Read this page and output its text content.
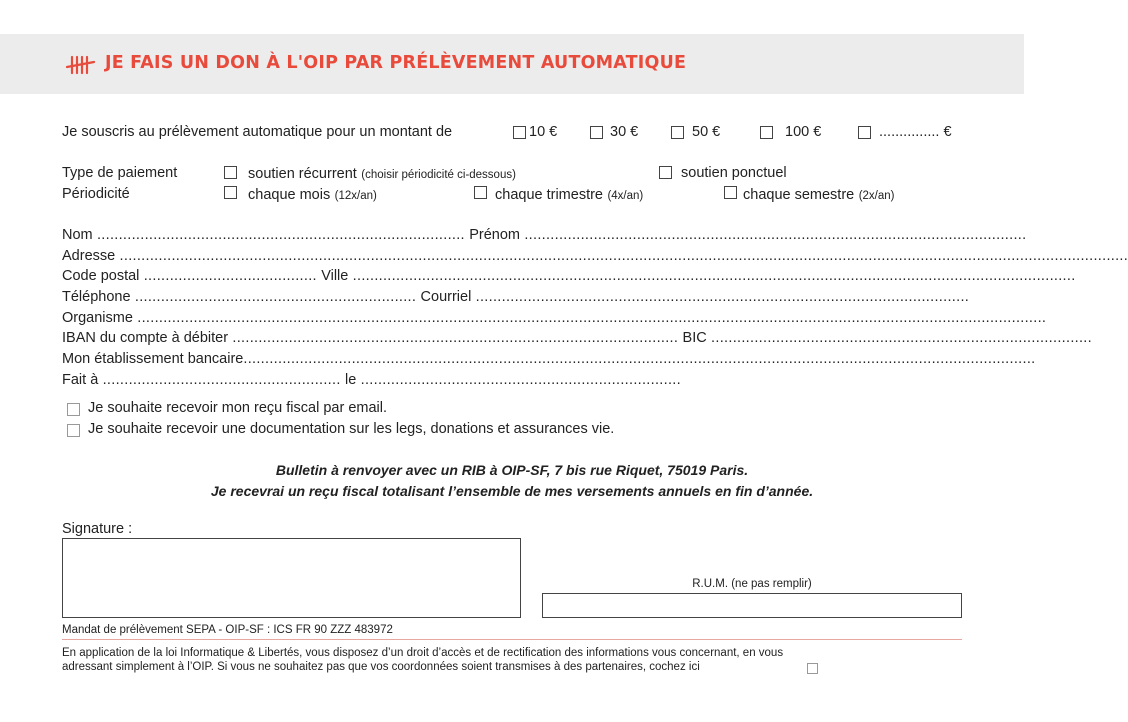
JE FAIS UN DON À L'OIP PAR PRÉLÈVEMENT AUTOMATIQUE
Je souscris au prélèvement automatique pour un montant de	10 €	30 €	50 €	100 €	............... €
Type de paiement	soutien récurrent (choisir périodicité ci-dessous)	soutien ponctuel
Périodicité	chaque mois (12x/an)	chaque trimestre (4x/an)	chaque semestre (2x/an)
Nom ..................................................................................... Prénom ....................................................................................................................
Adresse .........................................................................................................................................................................................................................................
Code postal ........................................ Ville .......................................................................................................................................................................
Téléphone ................................................................. Courriel ..................................................................................................................
Organisme ..................................................................................................................................................................................................................
IBAN du compte à débiter ....................................................................................................... BIC ........................................................................................
Mon établissement bancaire.......................................................................................................................................................................................
Fait à ....................................................... le ..........................................................................
Je souhaite recevoir mon reçu fiscal par email.
Je souhaite recevoir une documentation sur les legs, donations et assurances vie.
Bulletin à renvoyer avec un RIB à OIP-SF, 7 bis rue Riquet, 75019 Paris.
Je recevrai un reçu fiscal totalisant l’ensemble de mes versements annuels en fin d’année.
Signature :
R.U.M. (ne pas remplir)
Mandat de prélèvement SEPA - OIP-SF : ICS FR 90 ZZZ 483972
En application de la loi Informatique & Libertés, vous disposez d’un droit d’accès et de rectification des informations vous concernant, en vous
adressant simplement à l’OIP. Si vous ne souhaitez pas que vos coordonnées soient transmises à des partenaires, cochez ici
